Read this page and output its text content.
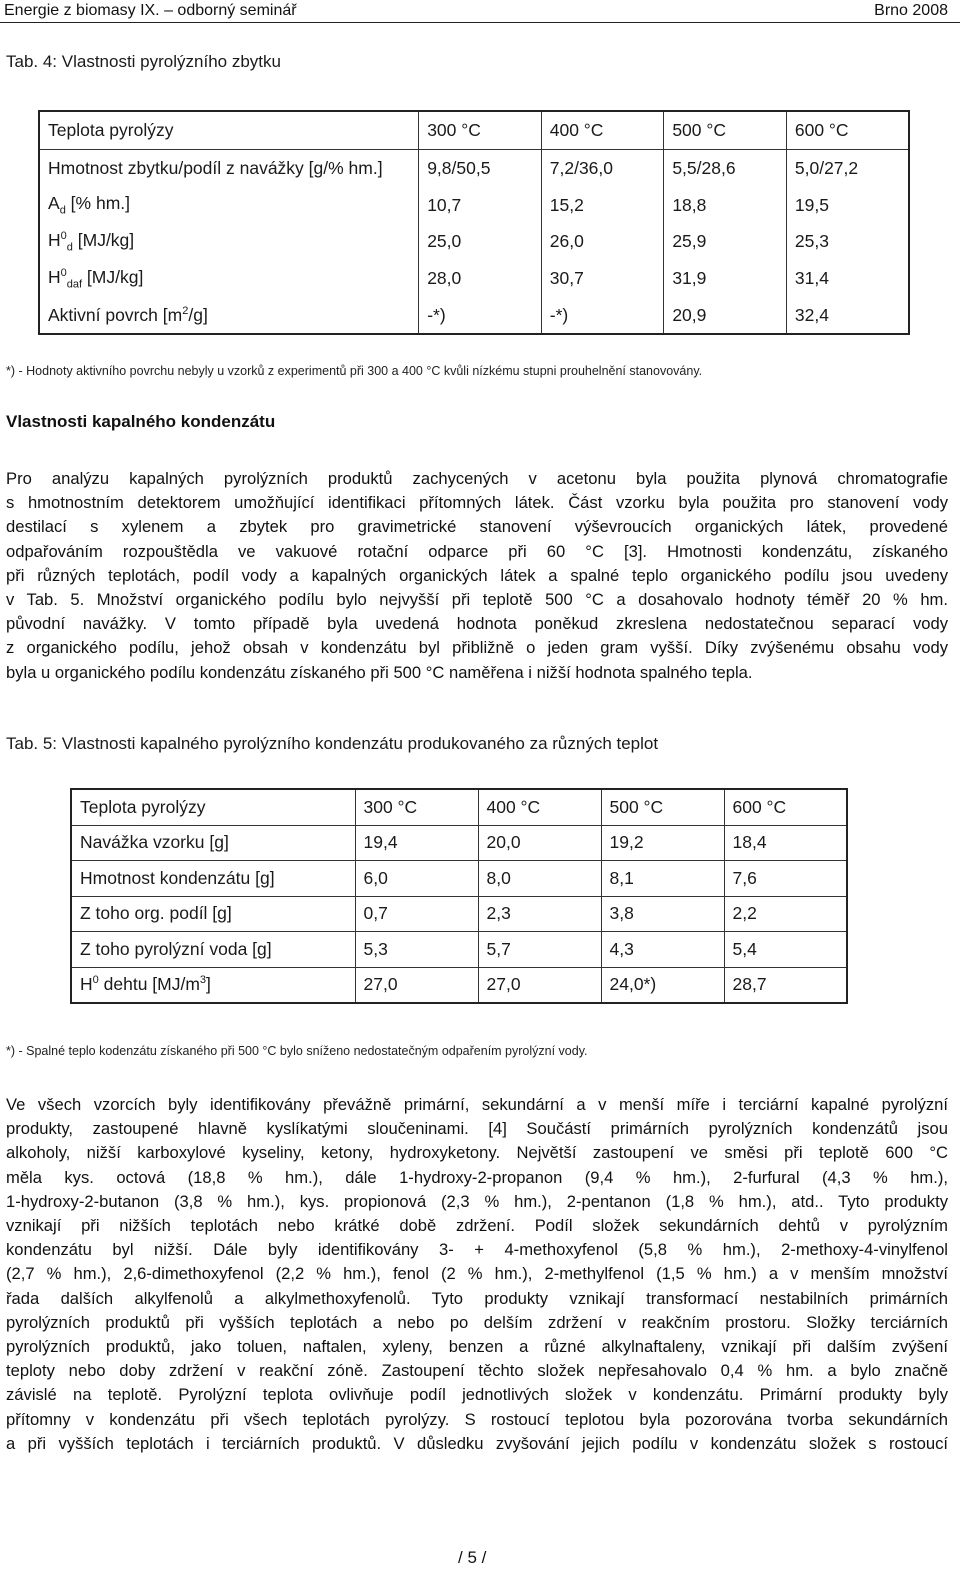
Energie z biomasy IX. – odborný seminář	Brno 2008
Tab. 4: Vlastnosti pyrolýzního zbytku
Teplota pyrolýzy	300 °C	400 °C	500 °C	600 °C
Hmotnost zbytku/podíl z navážky [g/% hm.]	9,8/50,5	7,2/36,0	5,5/28,6	5,0/27,2
$A_d$ [% hm.]	10,7	15,2	18,8	19,5
$H^0_d$ [MJ/kg]	25,0	26,0	25,9	25,3
$H^0_{daf}$ [MJ/kg]	28,0	30,7	31,9	31,4
Aktivní povrch $[m^2/g]$	-*)	-*)	20,9	32,4
*) - Hodnoty aktivního povrchu nebyly u vzorků z experimentů při 300 a 400 °C kvůli nízkému stupni prouhelnění stanovovány.
Vlastnosti kapalného kondenzátu

Pro analýzu kapalných pyrolýzních produktů zachycených v acetonu byla použita plynová chromatografie
s hmotnostním detektorem umožňující identifikaci přítomných látek. Část vzorku byla použita pro stanovení vody
destilací s xylenem a zbytek pro gravimetrické stanovení výševroucích organických látek, provedené
odpařováním rozpouštědla ve vakuové rotační odparce při 60 °C [3]. Hmotnosti kondenzátu, získaného
při různých teplotách, podíl vody a kapalných organických látek a spalné teplo organického podílu jsou uvedeny
v Tab. 5. Množství organického podílu bylo nejvyšší při teplotě 500 °C a dosahovalo hodnoty téměř 20 % hm.
původní navážky. V tomto případě byla uvedená hodnota poněkud zkreslena nedostatečnou separací vody
z organického podílu, jehož obsah v kondenzátu byl přibližně o jeden gram vyšší. Díky zvýšenému obsahu vody
byla u organického podílu kondenzátu získaného při 500 °C naměřena i nižší hodnota spalného tepla.

Tab. 5: Vlastnosti kapalného pyrolýzního kondenzátu produkovaného za různých teplot
Teplota pyrolýzy	300 °C	400 °C	500 °C	600 °C
Navážka vzorku [g]	19,4	20,0	19,2	18,4
Hmotnost kondenzátu [g]	6,0	8,0	8,1	7,6
Z toho org. podíl [g]	0,7	2,3	3,8	2,2
Z toho pyrolýzní voda [g]	5,3	5,7	4,3	5,4
$H^0$ dehtu $[MJ/m^3]$	27,0	27,0	24,0*)	28,7
*) - Spalné teplo kodenzátu získaného při 500 °C bylo sníženo nedostatečným odpařením pyrolýzní vody.

Ve všech vzorcích byly identifikovány převážně primární, sekundární a v menší míře i terciární kapalné pyrolýzní
produkty, zastoupené hlavně kyslíkatými sloučeninami. [4] Součástí primárních pyrolýzních kondenzátů jsou
alkoholy, nižší karboxylové kyseliny, ketony, hydroxyketony. Největší zastoupení ve směsi při teplotě 600 °C
měla kys. octová (18,8 % hm.), dále 1-hydroxy-2-propanon (9,4 % hm.), 2-furfural (4,3 % hm.),
1-hydroxy-2-butanon (3,8 % hm.), kys. propionová (2,3 % hm.), 2-pentanon (1,8 % hm.), atd.. Tyto produkty
vznikají při nižších teplotách nebo krátké době zdržení. Podíl složek sekundárních dehtů v pyrolýzním
kondenzátu byl nižší. Dále byly identifikovány 3- + 4-methoxyfenol (5,8 % hm.), 2-methoxy-4-vinylfenol
(2,7 % hm.), 2,6-dimethoxyfenol (2,2 % hm.), fenol (2 % hm.), 2-methylfenol (1,5 % hm.) a v menším množství
řada dalších alkylfenolů a alkylmethoxyfenolů. Tyto produkty vznikají transformací nestabilních primárních
pyrolýzních produktů při vyšších teplotách a nebo po delším zdržení v reakčním prostoru. Složky terciárních
pyrolýzních produktů, jako toluen, naftalen, xyleny, benzen a různé alkylnaftaleny, vznikají při dalším zvýšení
teploty nebo doby zdržení v reakční zóně. Zastoupení těchto složek nepřesahovalo 0,4 % hm. a bylo značně
závislé na teplotě. Pyrolýzní teplota ovlivňuje podíl jednotlivých složek v kondenzátu. Primární produkty byly
přítomny v kondenzátu při všech teplotách pyrolýzy. S rostoucí teplotou byla pozorována tvorba sekundárních
a při vyšších teplotách i terciárních produktů. V důsledku zvyšování jejich podílu v kondenzátu složek s rostoucí

/ 5 /
